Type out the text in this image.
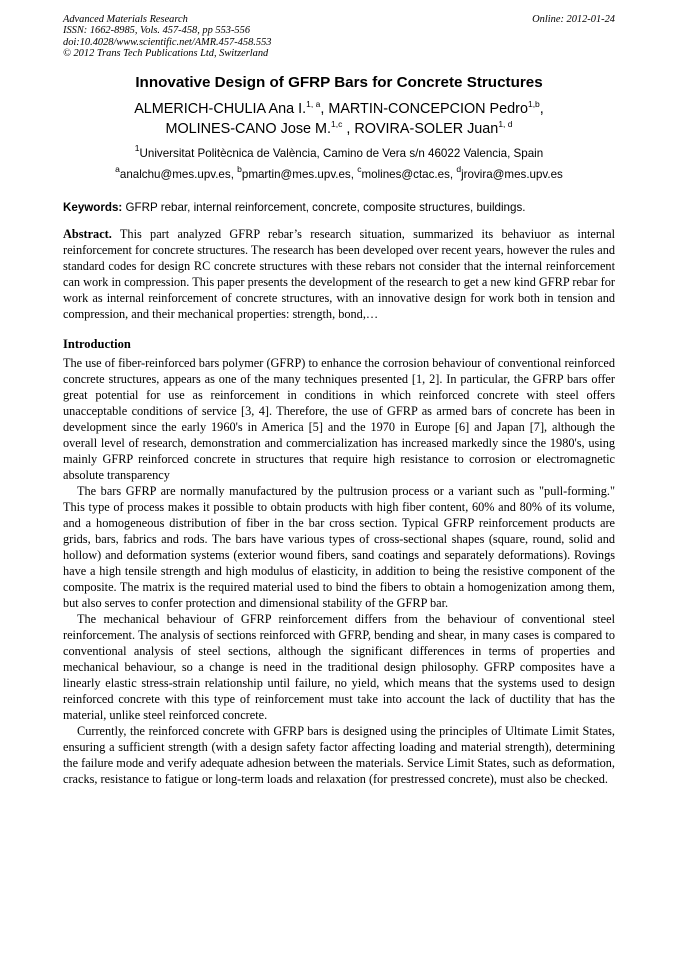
Advanced Materials Research
ISSN: 1662-8985, Vols. 457-458, pp 553-556
doi:10.4028/www.scientific.net/AMR.457-458.553
© 2012 Trans Tech Publications Ltd, Switzerland
Online: 2012-01-24
Innovative Design of GFRP Bars for Concrete Structures
ALMERICH-CHULIA Ana I.$^{1, a}$, MARTIN-CONCEPCION Pedro$^{1,b}$,
MOLINES-CANO Jose M.$^{1,c}$ , ROVIRA-SOLER Juan$^{1, d}$
$^1$Universitat Politècnica de València, Camino de Vera s/n 46022 Valencia, Spain
$^a$analchu@mes.upv.es, $^b$pmartin@mes.upv.es, $^c$molines@ctac.es, $^d$jrovira@mes.upv.es
Keywords: GFRP rebar, internal reinforcement, concrete, composite structures, buildings.
Abstract. This part analyzed GFRP rebar’s research situation, summarized its behaviuor as internal reinforcement for concrete structures. The research has been developed over recent years, however the rules and standard codes for design RC concrete structures with these rebars not consider that the internal reinforcement can work in compression. This paper presents the development of the research to get a new kind GFRP rebar for work as internal reinforcement of concrete structures, with an innovative design for work both in tension and compression, and their mechanical properties: strength, bond,…
Introduction

The use of fiber-reinforced bars polymer (GFRP) to enhance the corrosion behaviour of conventional reinforced concrete structures, appears as one of the many techniques presented [1, 2]. In particular, the GFRP bars offer great potential for use as reinforcement in conditions in which reinforced concrete with steel offers unacceptable conditions of service [3, 4]. Therefore, the use of GFRP as armed bars of concrete has been in development since the early 1960's in America [5] and the 1970 in Europe [6] and Japan [7], although the overall level of research, demonstration and commercialization has increased markedly since the 1980's, using mainly GFRP reinforced concrete in structures that require high resistance to corrosion or electromagnetic absolute transparency

The bars GFRP are normally manufactured by the pultrusion process or a variant such as "pull-forming." This type of process makes it possible to obtain products with high fiber content, 60% and 80% of its volume, and a homogeneous distribution of fiber in the bar cross section. Typical GFRP reinforcement products are grids, bars, fabrics and rods. The bars have various types of cross-sectional shapes (square, round, solid and hollow) and deformation systems (exterior wound fibers, sand coatings and separately deformations). Rovings have a high tensile strength and high modulus of elasticity, in addition to being the resistive component of the composite. The matrix is the required material used to bind the fibers to obtain a homogenization among them, but also serves to confer protection and dimensional stability of the GFRP bar.

The mechanical behaviour of GFRP reinforcement differs from the behaviour of conventional steel reinforcement. The analysis of sections reinforced with GFRP, bending and shear, in many cases is compared to conventional analysis of steel sections, although the significant differences in terms of properties and mechanical behaviour, so a change is need in the traditional design philosophy. GFRP composites have a linearly elastic stress-strain relationship until failure, no yield, which means that the systems used to design reinforced concrete with this type of reinforcement must take into account the lack of ductility that has the material, unlike steel reinforced concrete.

Currently, the reinforced concrete with GFRP bars is designed using the principles of Ultimate Limit States, ensuring a sufficient strength (with a design safety factor affecting loading and material strength), determining the failure mode and verify adequate adhesion between the materials. Service Limit States, such as deformation, cracks, resistance to fatigue or long-term loads and relaxation (for prestressed concrete), must also be checked.
